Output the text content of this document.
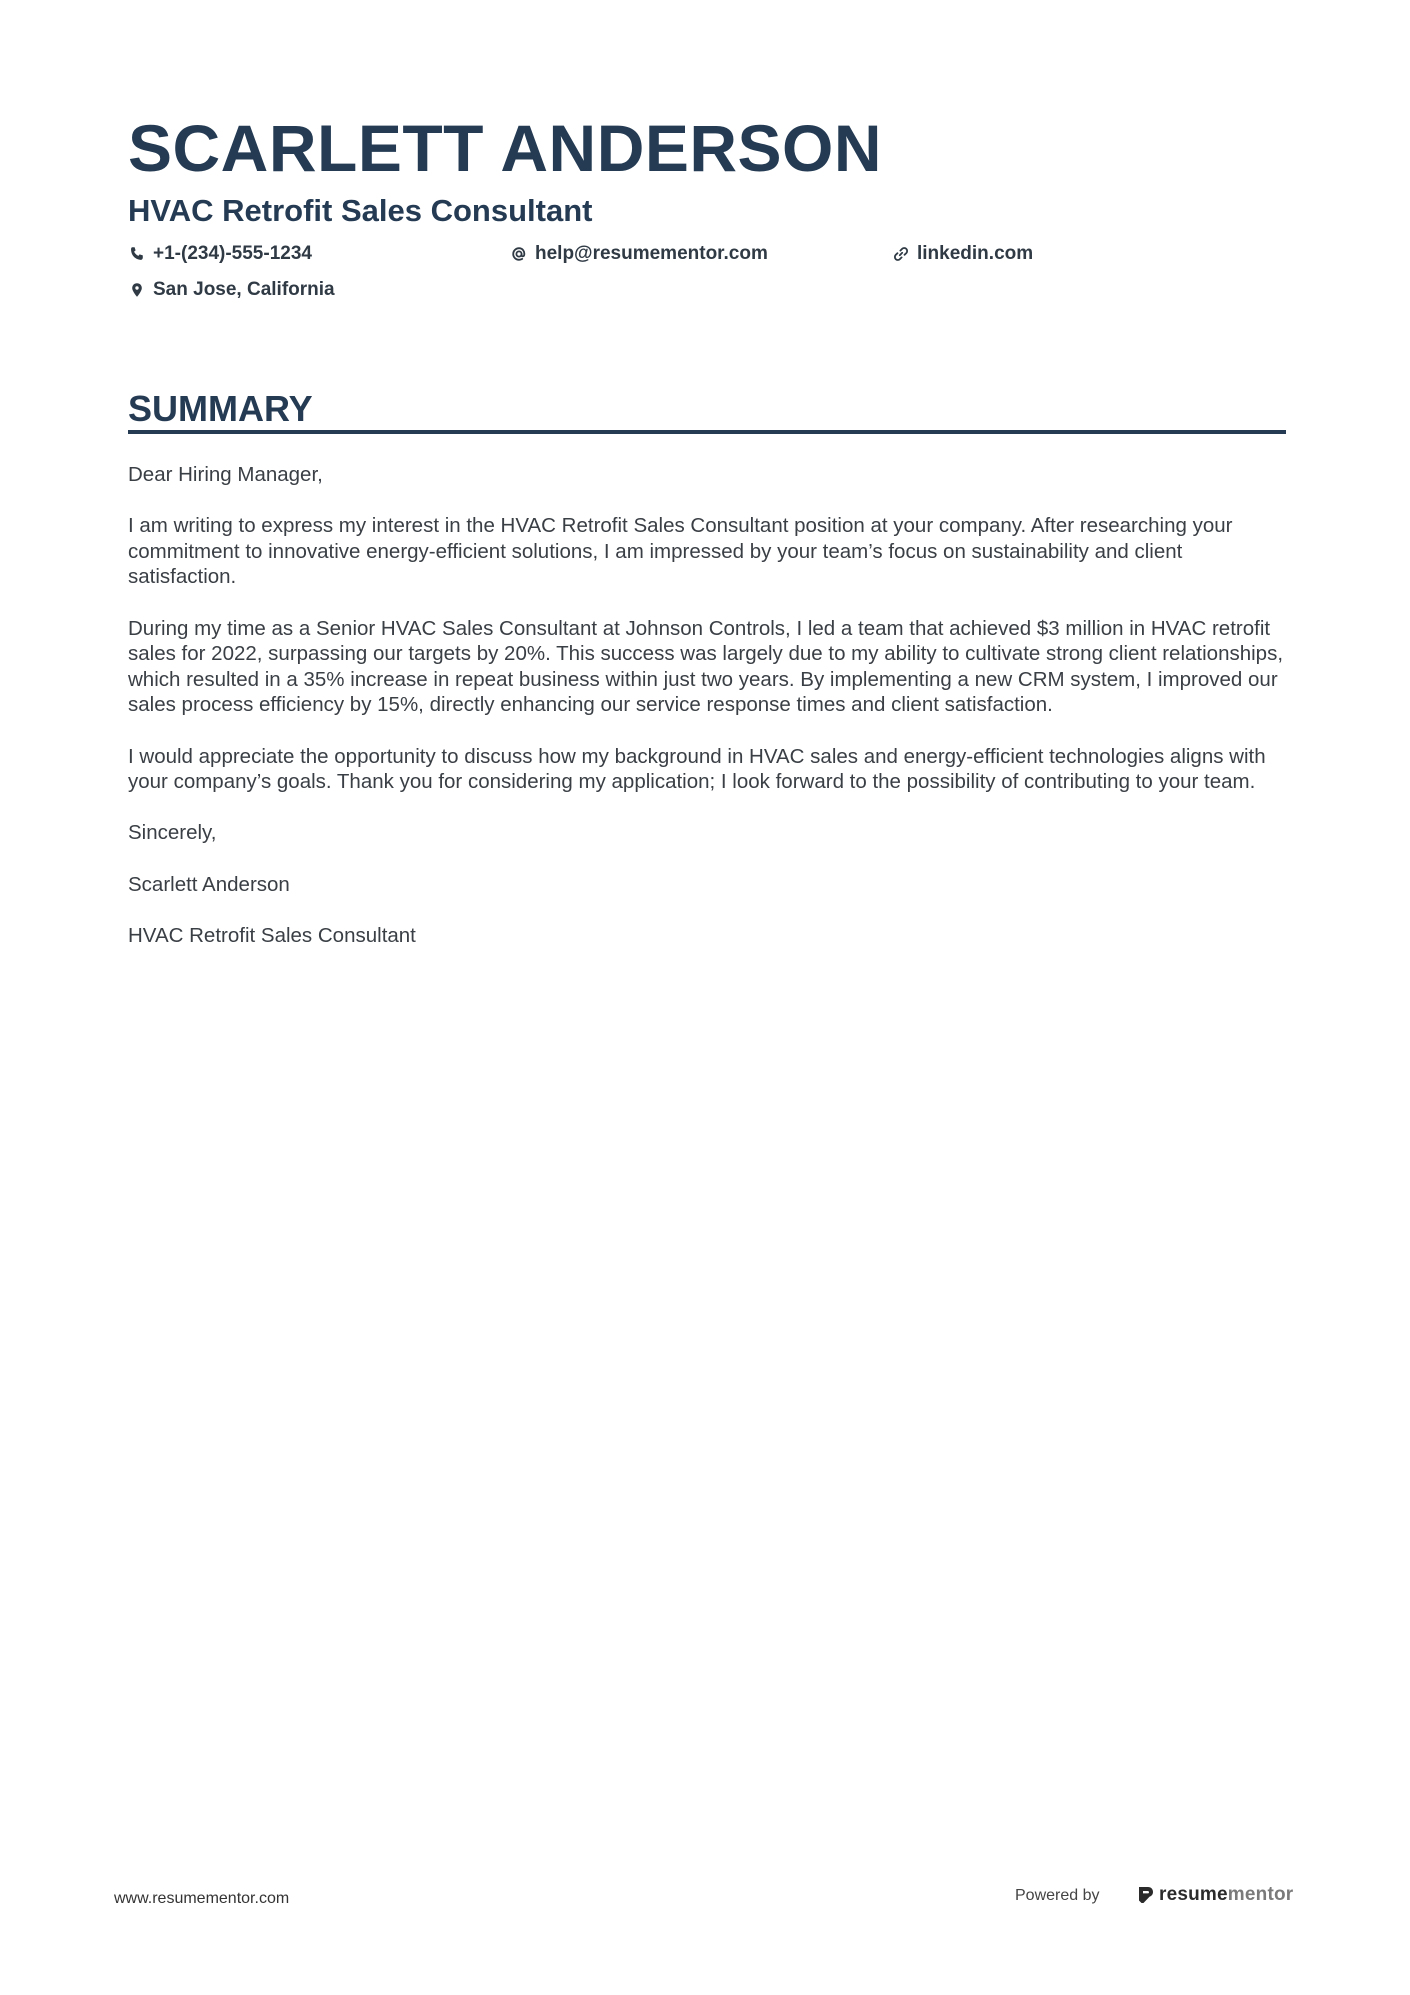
SCARLETT ANDERSON
HVAC Retrofit Sales Consultant
+1-(234)-555-1234	help@resumementor.com	linkedin.com
San Jose, California
SUMMARY

Dear Hiring Manager,

I am writing to express my interest in the HVAC Retrofit Sales Consultant position at your company. After researching your commitment to innovative energy-efficient solutions, I am impressed by your team’s focus on sustainability and client satisfaction.

During my time as a Senior HVAC Sales Consultant at Johnson Controls, I led a team that achieved $3 million in HVAC retrofit sales for 2022, surpassing our targets by 20%. This success was largely due to my ability to cultivate strong client relationships, which resulted in a 35% increase in repeat business within just two years. By implementing a new CRM system, I improved our sales process efficiency by 15%, directly enhancing our service response times and client satisfaction.

I would appreciate the opportunity to discuss how my background in HVAC sales and energy-efficient technologies aligns with your company’s goals. Thank you for considering my application; I look forward to the possibility of contributing to your team.

Sincerely,

Scarlett Anderson

HVAC Retrofit Sales Consultant

www.resumementor.com	Powered by	resumementor
